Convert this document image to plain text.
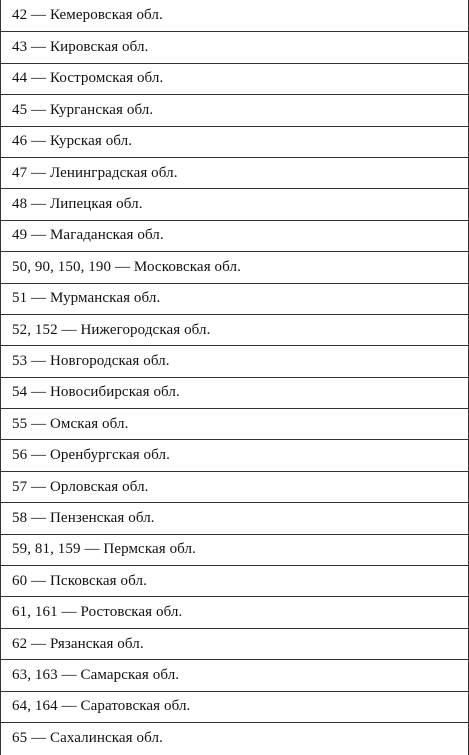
42 — Кемеровская обл.
43 — Кировская обл.
44 — Костромская обл.
45 — Курганская обл.
46 — Курская обл.
47 — Ленинградская обл.
48 — Липецкая обл.
49 — Магаданская обл.
50, 90, 150, 190 — Московская обл.
51 — Мурманская обл.
52, 152 — Нижегородская обл.
53 — Новгородская обл.
54 — Новосибирская обл.
55 — Омская обл.
56 — Оренбургская обл.
57 — Орловская обл.
58 — Пензенская обл.
59, 81, 159 — Пермская обл.
60 — Псковская обл.
61, 161 — Ростовская обл.
62 — Рязанская обл.
63, 163 — Самарская обл.
64, 164 — Саратовская обл.
65 — Сахалинская обл.
